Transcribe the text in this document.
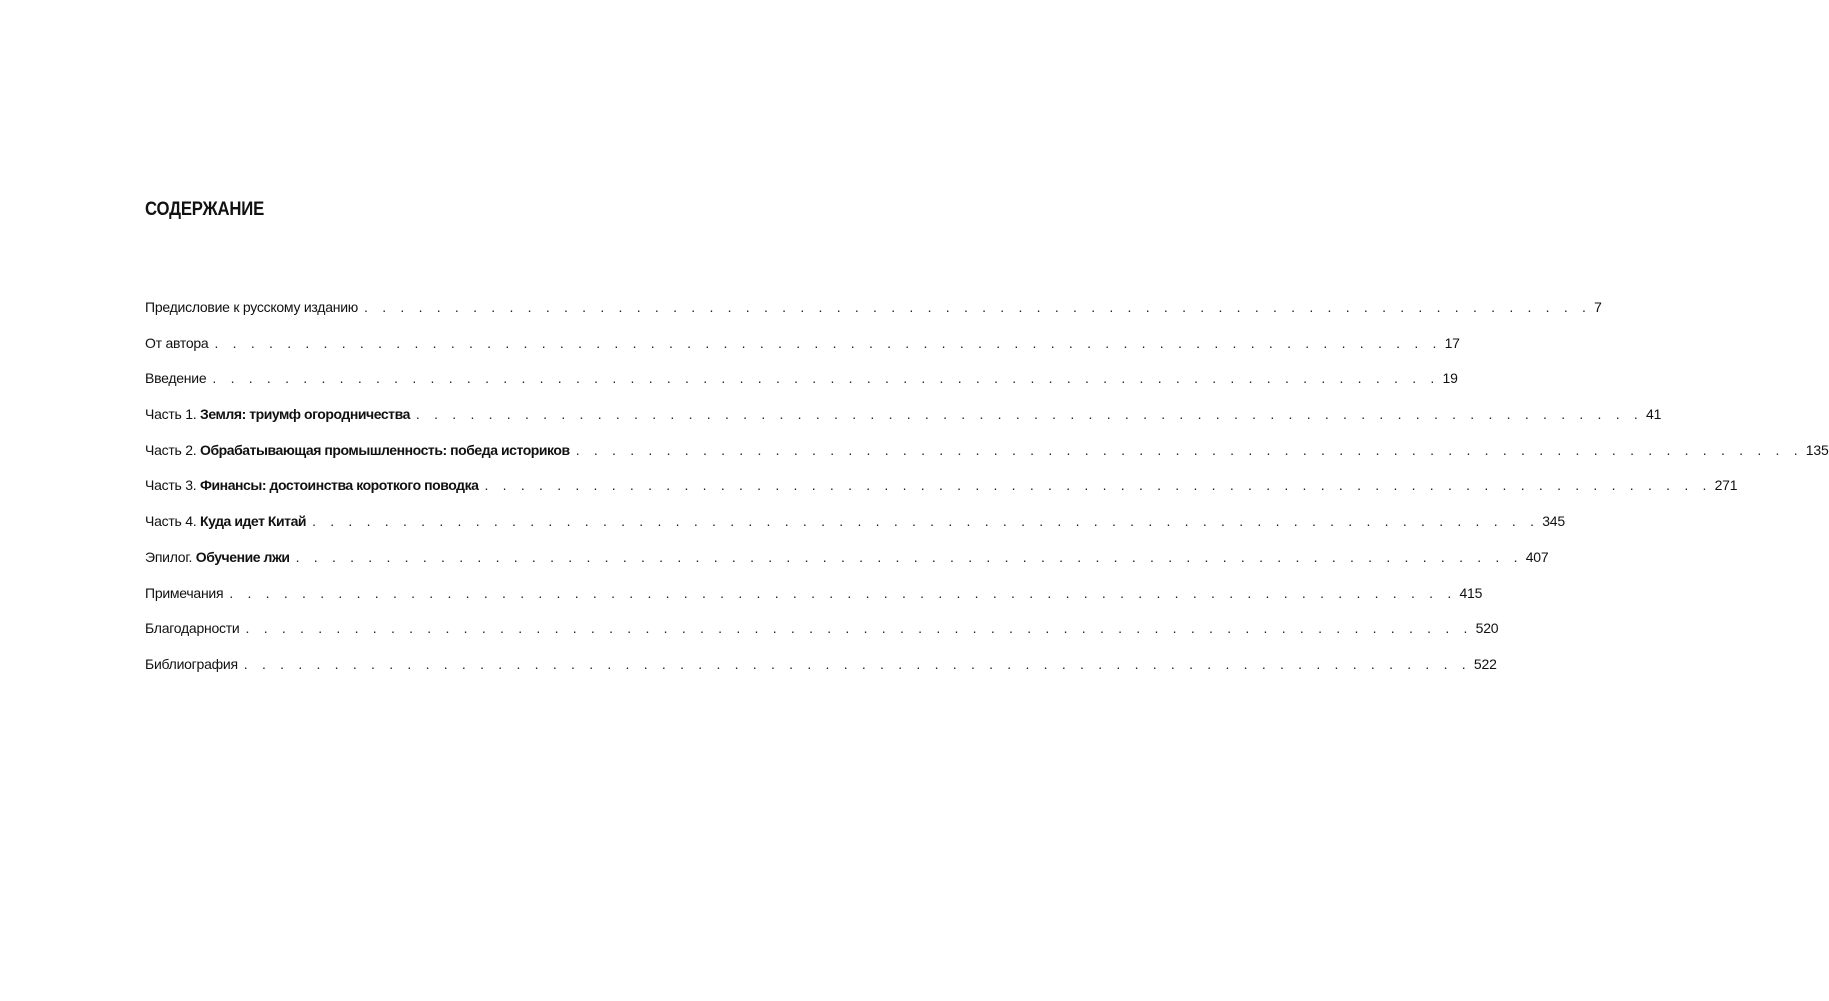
СОДЕРЖАНИЕ
Предисловие к русскому изданию . . . . . . . . . . . . . . . . . . . . . . . . . . . . . . . . . . . . . . . . . . . . . . . . . . . . . . . . . . . . . . . . . . . . 7
От автора . . . . . . . . . . . . . . . . . . . . . . . . . . . . . . . . . . . . . . . . . . . . . . . . . . . . . . . . . . . . . . . . . . . . 17
Введение . . . . . . . . . . . . . . . . . . . . . . . . . . . . . . . . . . . . . . . . . . . . . . . . . . . . . . . . . . . . . . . . . . . . 19
Часть 1. Земля: триумф огородничества . . . . . . . . . . . . . . . . . . . . . . . . . . . . . . . . . . . . . . . . . . . . . . . . . . . . . . . . . . . . . . . . . . . . 41
Часть 2. Обрабатывающая промышленность: победа историков . . . . . . . . . . . . . . . . . . . . . . . . . . . . . . . . . . . . . . . . . . . . . . . . . . . . . . . . . . . . . . . . . . . . 135
Часть 3. Финансы: достоинства короткого поводка . . . . . . . . . . . . . . . . . . . . . . . . . . . . . . . . . . . . . . . . . . . . . . . . . . . . . . . . . . . . . . . . . . . . 271
Часть 4. Куда идет Китай . . . . . . . . . . . . . . . . . . . . . . . . . . . . . . . . . . . . . . . . . . . . . . . . . . . . . . . . . . . . . . . . . . . . 345
Эпилог. Обучение лжи . . . . . . . . . . . . . . . . . . . . . . . . . . . . . . . . . . . . . . . . . . . . . . . . . . . . . . . . . . . . . . . . . . . . 407
Примечания . . . . . . . . . . . . . . . . . . . . . . . . . . . . . . . . . . . . . . . . . . . . . . . . . . . . . . . . . . . . . . . . . . . . 415
Благодарности . . . . . . . . . . . . . . . . . . . . . . . . . . . . . . . . . . . . . . . . . . . . . . . . . . . . . . . . . . . . . . . . . . . . 520
Библиография . . . . . . . . . . . . . . . . . . . . . . . . . . . . . . . . . . . . . . . . . . . . . . . . . . . . . . . . . . . . . . . . . . . . 522
